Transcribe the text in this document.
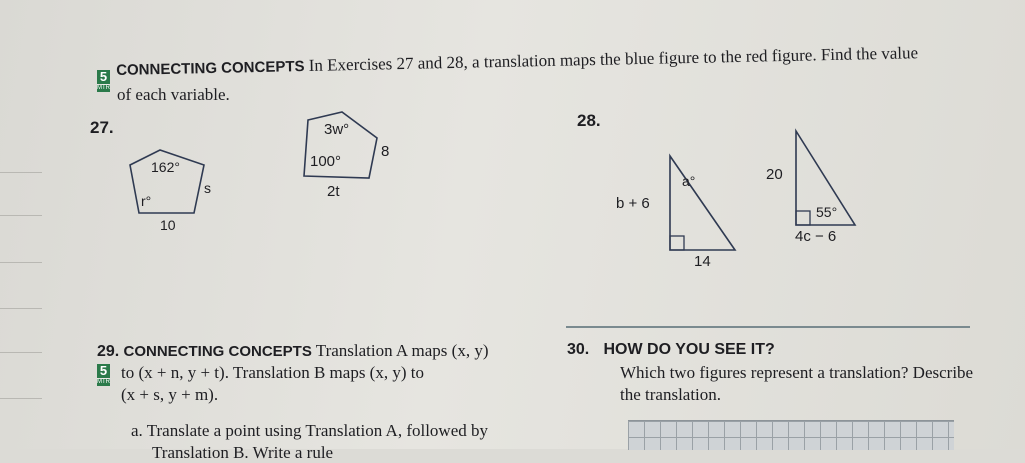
5
MTR
CONNECTING CONCEPTS In Exercises 27 and 28, a translation maps the blue figure to the red figure. Find the value
of each variable.
27.
162°
s
r°
10
3w°
100°
8
2t
a°
b + 6
14
20
55°
4c − 6
28.
29. CONNECTING CONCEPTS Translation A maps (x, y)
5
MTR to (x + n, y + t). Translation B maps (x, y) to
(x + s, y + m).
a. Translate a point using Translation A, followed by
Translation B. Write a rule
30. HOW DO YOU SEE IT?
Which two figures represent a translation? Describe
the translation.
